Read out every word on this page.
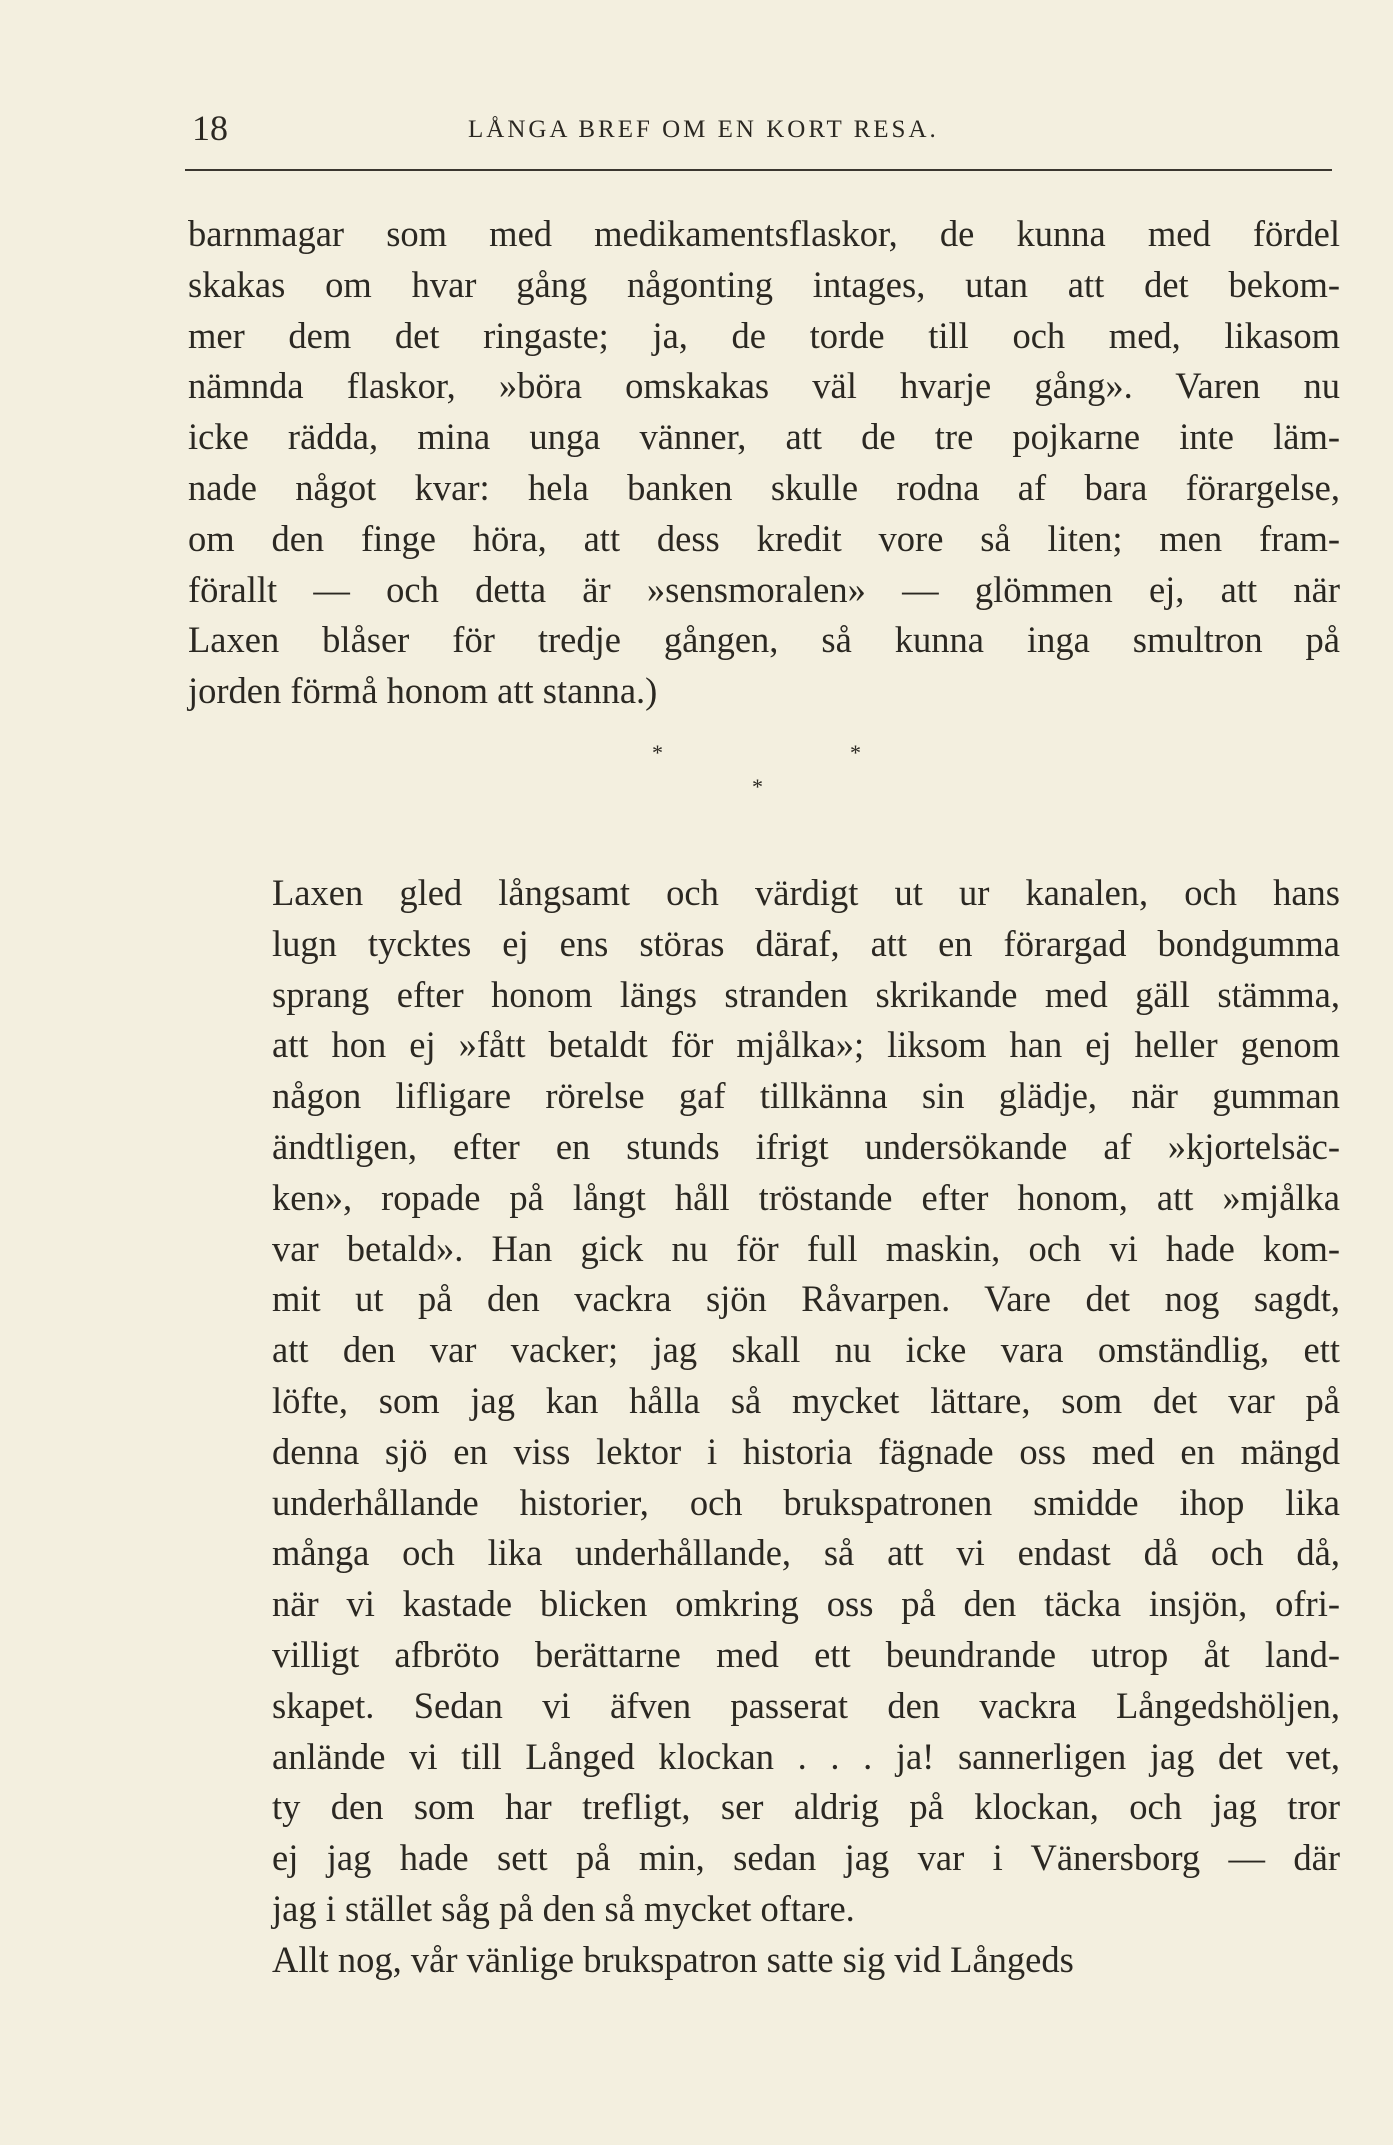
18	LÅNGA BREF OM EN KORT RESA.
barnmagar som med medikamentsflaskor, de kunna med fördel
skakas om hvar gång någonting intages, utan att det bekom-
mer dem det ringaste; ja, de torde till och med, likasom
nämnda flaskor, »böra omskakas väl hvarje gång». Varen nu
icke rädda, mina unga vänner, att de tre pojkarne inte läm-
nade något kvar: hela banken skulle rodna af bara förargelse,
om den finge höra, att dess kredit vore så liten; men fram-
förallt — och detta är »sensmoralen» — glömmen ej, att när
Laxen blåser för tredje gången, så kunna inga smultron på
jorden förmå honom att stanna.)
*	*
*
Laxen gled långsamt och värdigt ut ur kanalen, och hans
lugn tycktes ej ens störas däraf, att en förargad bondgumma
sprang efter honom längs stranden skrikande med gäll stämma,
att hon ej »fått betaldt för mjålka»; liksom han ej heller genom
någon lifligare rörelse gaf tillkänna sin glädje, när gumman
ändtligen, efter en stunds ifrigt undersökande af »kjortelsäc-
ken», ropade på långt håll tröstande efter honom, att »mjålka
var betald». Han gick nu för full maskin, och vi hade kom-
mit ut på den vackra sjön Råvarpen. Vare det nog sagdt,
att den var vacker; jag skall nu icke vara omständlig, ett
löfte, som jag kan hålla så mycket lättare, som det var på
denna sjö en viss lektor i historia fägnade oss med en mängd
underhållande historier, och brukspatronen smidde ihop lika
många och lika underhållande, så att vi endast då och då,
när vi kastade blicken omkring oss på den täcka insjön, ofri-
villigt afbröto berättarne med ett beundrande utrop åt land-
skapet. Sedan vi äfven passerat den vackra Långedshöljen,
anlände vi till Långed klockan . . . ja! sannerligen jag det vet,
ty den som har trefligt, ser aldrig på klockan, och jag tror
ej jag hade sett på min, sedan jag var i Vänersborg — där
jag i stället såg på den så mycket oftare.
Allt nog, vår vänlige brukspatron satte sig vid Långeds
